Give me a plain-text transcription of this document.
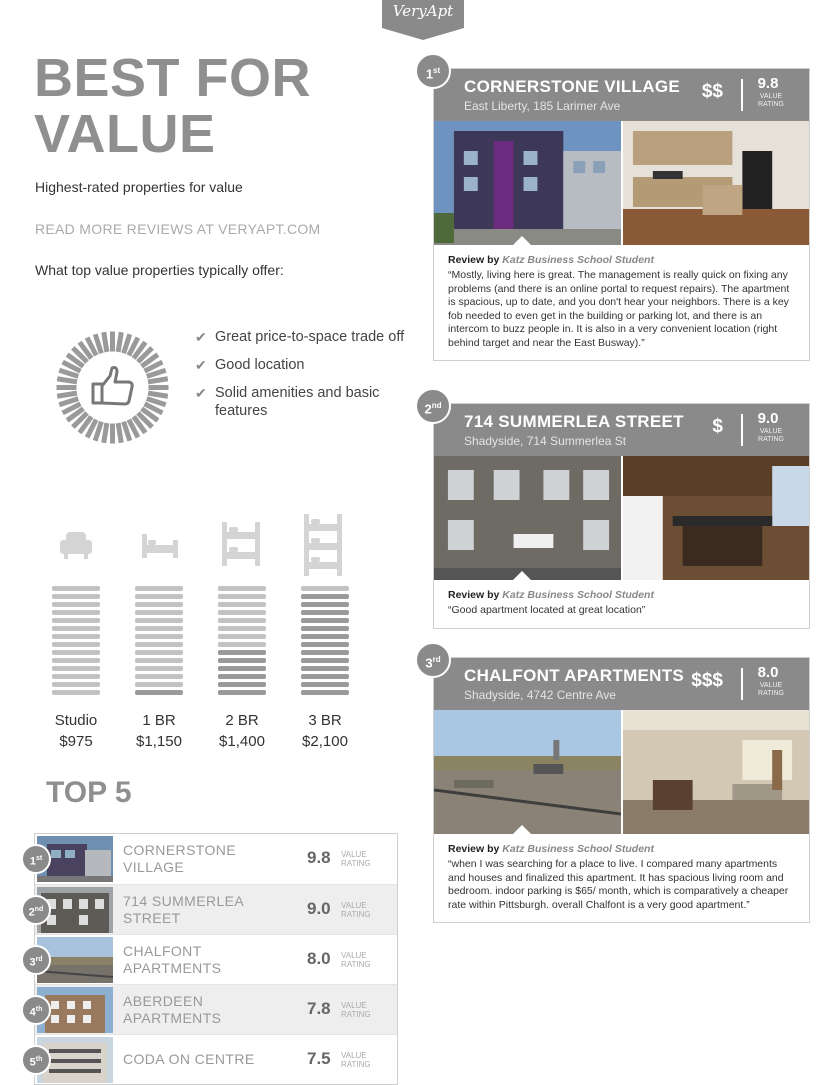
VeryApt
BEST FOR
VALUE
Highest-rated properties for value
READ MORE REVIEWS AT VERYAPT.COM
What top value properties typically offer:
✔ Great price-to-space trade off
✔ Good location
✔ Solid amenities and basic features
Studio
$975
1 BR
$1,150
2 BR
$1,400
3 BR
$2,100
TOP 5
CORNERSTONE
VILLAGE	9.8 VALUE
RATING
1st
714 SUMMERLEA
STREET	9.0 VALUE
RATING
2nd
CHALFONT
APARTMENTS	8.0 VALUE
RATING
3rd
ABERDEEN
APARTMENTS	7.8 VALUE
RATING
4th
CODA ON CENTRE	7.5 VALUE
RATING
5th
CORNERSTONE VILLAGE
East Liberty, 185 Larimer Ave
$$	9.8
VALUE
RATING
1st
Review by Katz Business School Student
“Mostly, living here is great. The management is really quick on fixing any problems (and there is an online portal to request repairs). The apartment is spacious, up to date, and you don't hear your neighbors. There is a key fob needed to even get in the building or parking lot, and there is an intercom to buzz people in. It is also in a very convenient location (right behind target and near the East Busway).”
714 SUMMERLEA STREET
Shadyside, 714 Summerlea St
$	9.0
VALUE
RATING
2nd
Review by Katz Business School Student
“Good apartment located at great location”
CHALFONT APARTMENTS
Shadyside, 4742 Centre Ave
$$$	8.0
VALUE
RATING
3rd
Review by Katz Business School Student
“when I was searching for a place to live. I compared many apartments and houses and finalized this apartment. It has spacious living room and bedroom. indoor parking is $65/ month, which is comparatively a cheaper rate within Pittsburgh. overall Chalfont is a very good apartment.”
